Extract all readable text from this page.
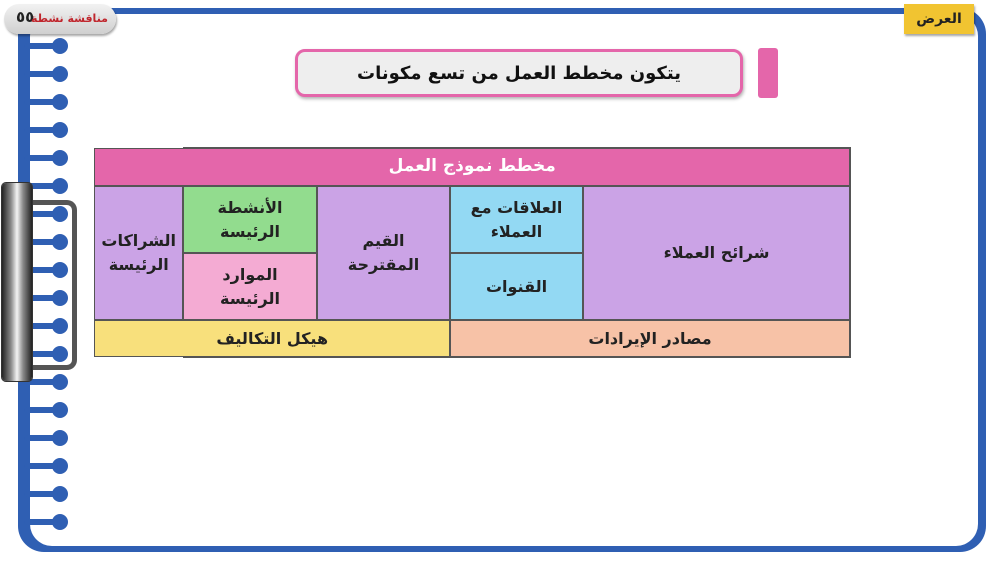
٥٥
مناقشة نشطة	العرض
يتكون مخطط العمل من تسع مكونات
مخطط نموذج العمل
شرائح العملاء
العلاقات مع العملاء
القنوات
القيم المقترحة
الأنشطة الرئيسة
الموارد الرئيسة
الشراكات الرئيسة
مصادر الإيرادات
هيكل التكاليف
